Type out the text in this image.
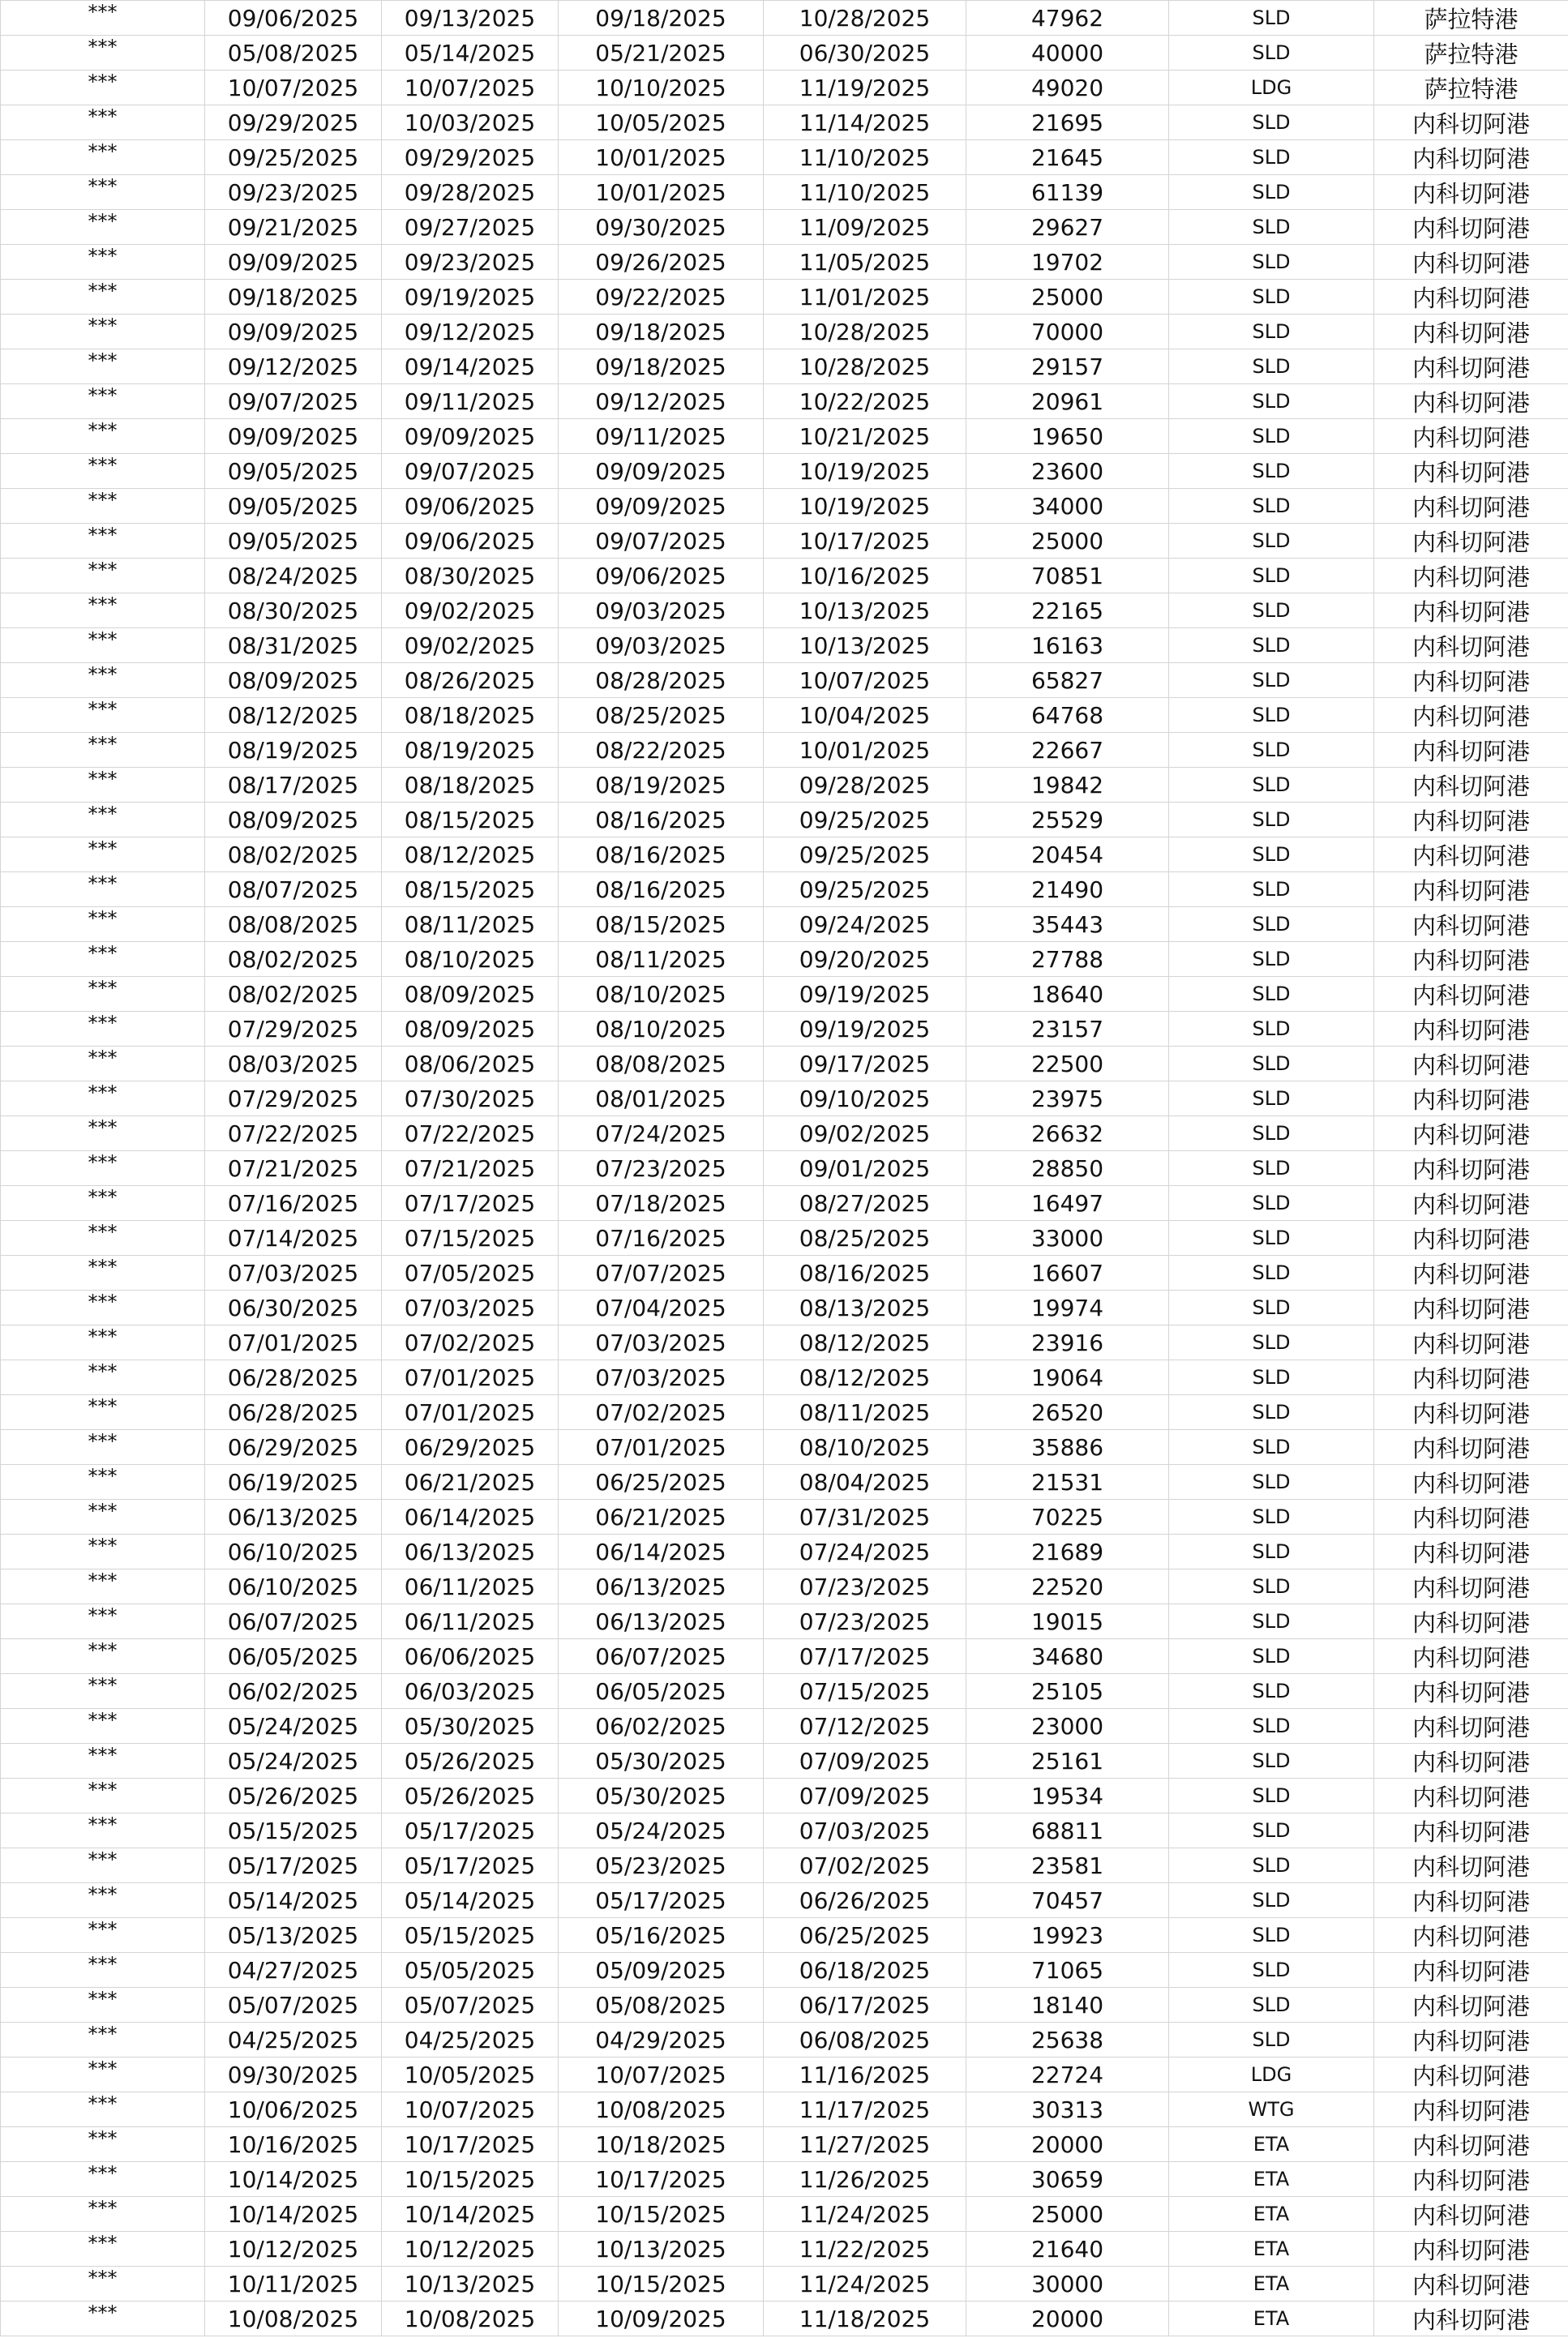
***	09/06/2025	09/13/2025	09/18/2025	10/28/2025	47962	SLD	萨拉特港
***	05/08/2025	05/14/2025	05/21/2025	06/30/2025	40000	SLD	萨拉特港
***	10/07/2025	10/07/2025	10/10/2025	11/19/2025	49020	LDG	萨拉特港
***	09/29/2025	10/03/2025	10/05/2025	11/14/2025	21695	SLD	内科切阿港
***	09/25/2025	09/29/2025	10/01/2025	11/10/2025	21645	SLD	内科切阿港
***	09/23/2025	09/28/2025	10/01/2025	11/10/2025	61139	SLD	内科切阿港
***	09/21/2025	09/27/2025	09/30/2025	11/09/2025	29627	SLD	内科切阿港
***	09/09/2025	09/23/2025	09/26/2025	11/05/2025	19702	SLD	内科切阿港
***	09/18/2025	09/19/2025	09/22/2025	11/01/2025	25000	SLD	内科切阿港
***	09/09/2025	09/12/2025	09/18/2025	10/28/2025	70000	SLD	内科切阿港
***	09/12/2025	09/14/2025	09/18/2025	10/28/2025	29157	SLD	内科切阿港
***	09/07/2025	09/11/2025	09/12/2025	10/22/2025	20961	SLD	内科切阿港
***	09/09/2025	09/09/2025	09/11/2025	10/21/2025	19650	SLD	内科切阿港
***	09/05/2025	09/07/2025	09/09/2025	10/19/2025	23600	SLD	内科切阿港
***	09/05/2025	09/06/2025	09/09/2025	10/19/2025	34000	SLD	内科切阿港
***	09/05/2025	09/06/2025	09/07/2025	10/17/2025	25000	SLD	内科切阿港
***	08/24/2025	08/30/2025	09/06/2025	10/16/2025	70851	SLD	内科切阿港
***	08/30/2025	09/02/2025	09/03/2025	10/13/2025	22165	SLD	内科切阿港
***	08/31/2025	09/02/2025	09/03/2025	10/13/2025	16163	SLD	内科切阿港
***	08/09/2025	08/26/2025	08/28/2025	10/07/2025	65827	SLD	内科切阿港
***	08/12/2025	08/18/2025	08/25/2025	10/04/2025	64768	SLD	内科切阿港
***	08/19/2025	08/19/2025	08/22/2025	10/01/2025	22667	SLD	内科切阿港
***	08/17/2025	08/18/2025	08/19/2025	09/28/2025	19842	SLD	内科切阿港
***	08/09/2025	08/15/2025	08/16/2025	09/25/2025	25529	SLD	内科切阿港
***	08/02/2025	08/12/2025	08/16/2025	09/25/2025	20454	SLD	内科切阿港
***	08/07/2025	08/15/2025	08/16/2025	09/25/2025	21490	SLD	内科切阿港
***	08/08/2025	08/11/2025	08/15/2025	09/24/2025	35443	SLD	内科切阿港
***	08/02/2025	08/10/2025	08/11/2025	09/20/2025	27788	SLD	内科切阿港
***	08/02/2025	08/09/2025	08/10/2025	09/19/2025	18640	SLD	内科切阿港
***	07/29/2025	08/09/2025	08/10/2025	09/19/2025	23157	SLD	内科切阿港
***	08/03/2025	08/06/2025	08/08/2025	09/17/2025	22500	SLD	内科切阿港
***	07/29/2025	07/30/2025	08/01/2025	09/10/2025	23975	SLD	内科切阿港
***	07/22/2025	07/22/2025	07/24/2025	09/02/2025	26632	SLD	内科切阿港
***	07/21/2025	07/21/2025	07/23/2025	09/01/2025	28850	SLD	内科切阿港
***	07/16/2025	07/17/2025	07/18/2025	08/27/2025	16497	SLD	内科切阿港
***	07/14/2025	07/15/2025	07/16/2025	08/25/2025	33000	SLD	内科切阿港
***	07/03/2025	07/05/2025	07/07/2025	08/16/2025	16607	SLD	内科切阿港
***	06/30/2025	07/03/2025	07/04/2025	08/13/2025	19974	SLD	内科切阿港
***	07/01/2025	07/02/2025	07/03/2025	08/12/2025	23916	SLD	内科切阿港
***	06/28/2025	07/01/2025	07/03/2025	08/12/2025	19064	SLD	内科切阿港
***	06/28/2025	07/01/2025	07/02/2025	08/11/2025	26520	SLD	内科切阿港
***	06/29/2025	06/29/2025	07/01/2025	08/10/2025	35886	SLD	内科切阿港
***	06/19/2025	06/21/2025	06/25/2025	08/04/2025	21531	SLD	内科切阿港
***	06/13/2025	06/14/2025	06/21/2025	07/31/2025	70225	SLD	内科切阿港
***	06/10/2025	06/13/2025	06/14/2025	07/24/2025	21689	SLD	内科切阿港
***	06/10/2025	06/11/2025	06/13/2025	07/23/2025	22520	SLD	内科切阿港
***	06/07/2025	06/11/2025	06/13/2025	07/23/2025	19015	SLD	内科切阿港
***	06/05/2025	06/06/2025	06/07/2025	07/17/2025	34680	SLD	内科切阿港
***	06/02/2025	06/03/2025	06/05/2025	07/15/2025	25105	SLD	内科切阿港
***	05/24/2025	05/30/2025	06/02/2025	07/12/2025	23000	SLD	内科切阿港
***	05/24/2025	05/26/2025	05/30/2025	07/09/2025	25161	SLD	内科切阿港
***	05/26/2025	05/26/2025	05/30/2025	07/09/2025	19534	SLD	内科切阿港
***	05/15/2025	05/17/2025	05/24/2025	07/03/2025	68811	SLD	内科切阿港
***	05/17/2025	05/17/2025	05/23/2025	07/02/2025	23581	SLD	内科切阿港
***	05/14/2025	05/14/2025	05/17/2025	06/26/2025	70457	SLD	内科切阿港
***	05/13/2025	05/15/2025	05/16/2025	06/25/2025	19923	SLD	内科切阿港
***	04/27/2025	05/05/2025	05/09/2025	06/18/2025	71065	SLD	内科切阿港
***	05/07/2025	05/07/2025	05/08/2025	06/17/2025	18140	SLD	内科切阿港
***	04/25/2025	04/25/2025	04/29/2025	06/08/2025	25638	SLD	内科切阿港
***	09/30/2025	10/05/2025	10/07/2025	11/16/2025	22724	LDG	内科切阿港
***	10/06/2025	10/07/2025	10/08/2025	11/17/2025	30313	WTG	内科切阿港
***	10/16/2025	10/17/2025	10/18/2025	11/27/2025	20000	ETA	内科切阿港
***	10/14/2025	10/15/2025	10/17/2025	11/26/2025	30659	ETA	内科切阿港
***	10/14/2025	10/14/2025	10/15/2025	11/24/2025	25000	ETA	内科切阿港
***	10/12/2025	10/12/2025	10/13/2025	11/22/2025	21640	ETA	内科切阿港
***	10/11/2025	10/13/2025	10/15/2025	11/24/2025	30000	ETA	内科切阿港
***	10/08/2025	10/08/2025	10/09/2025	11/18/2025	20000	ETA	内科切阿港
